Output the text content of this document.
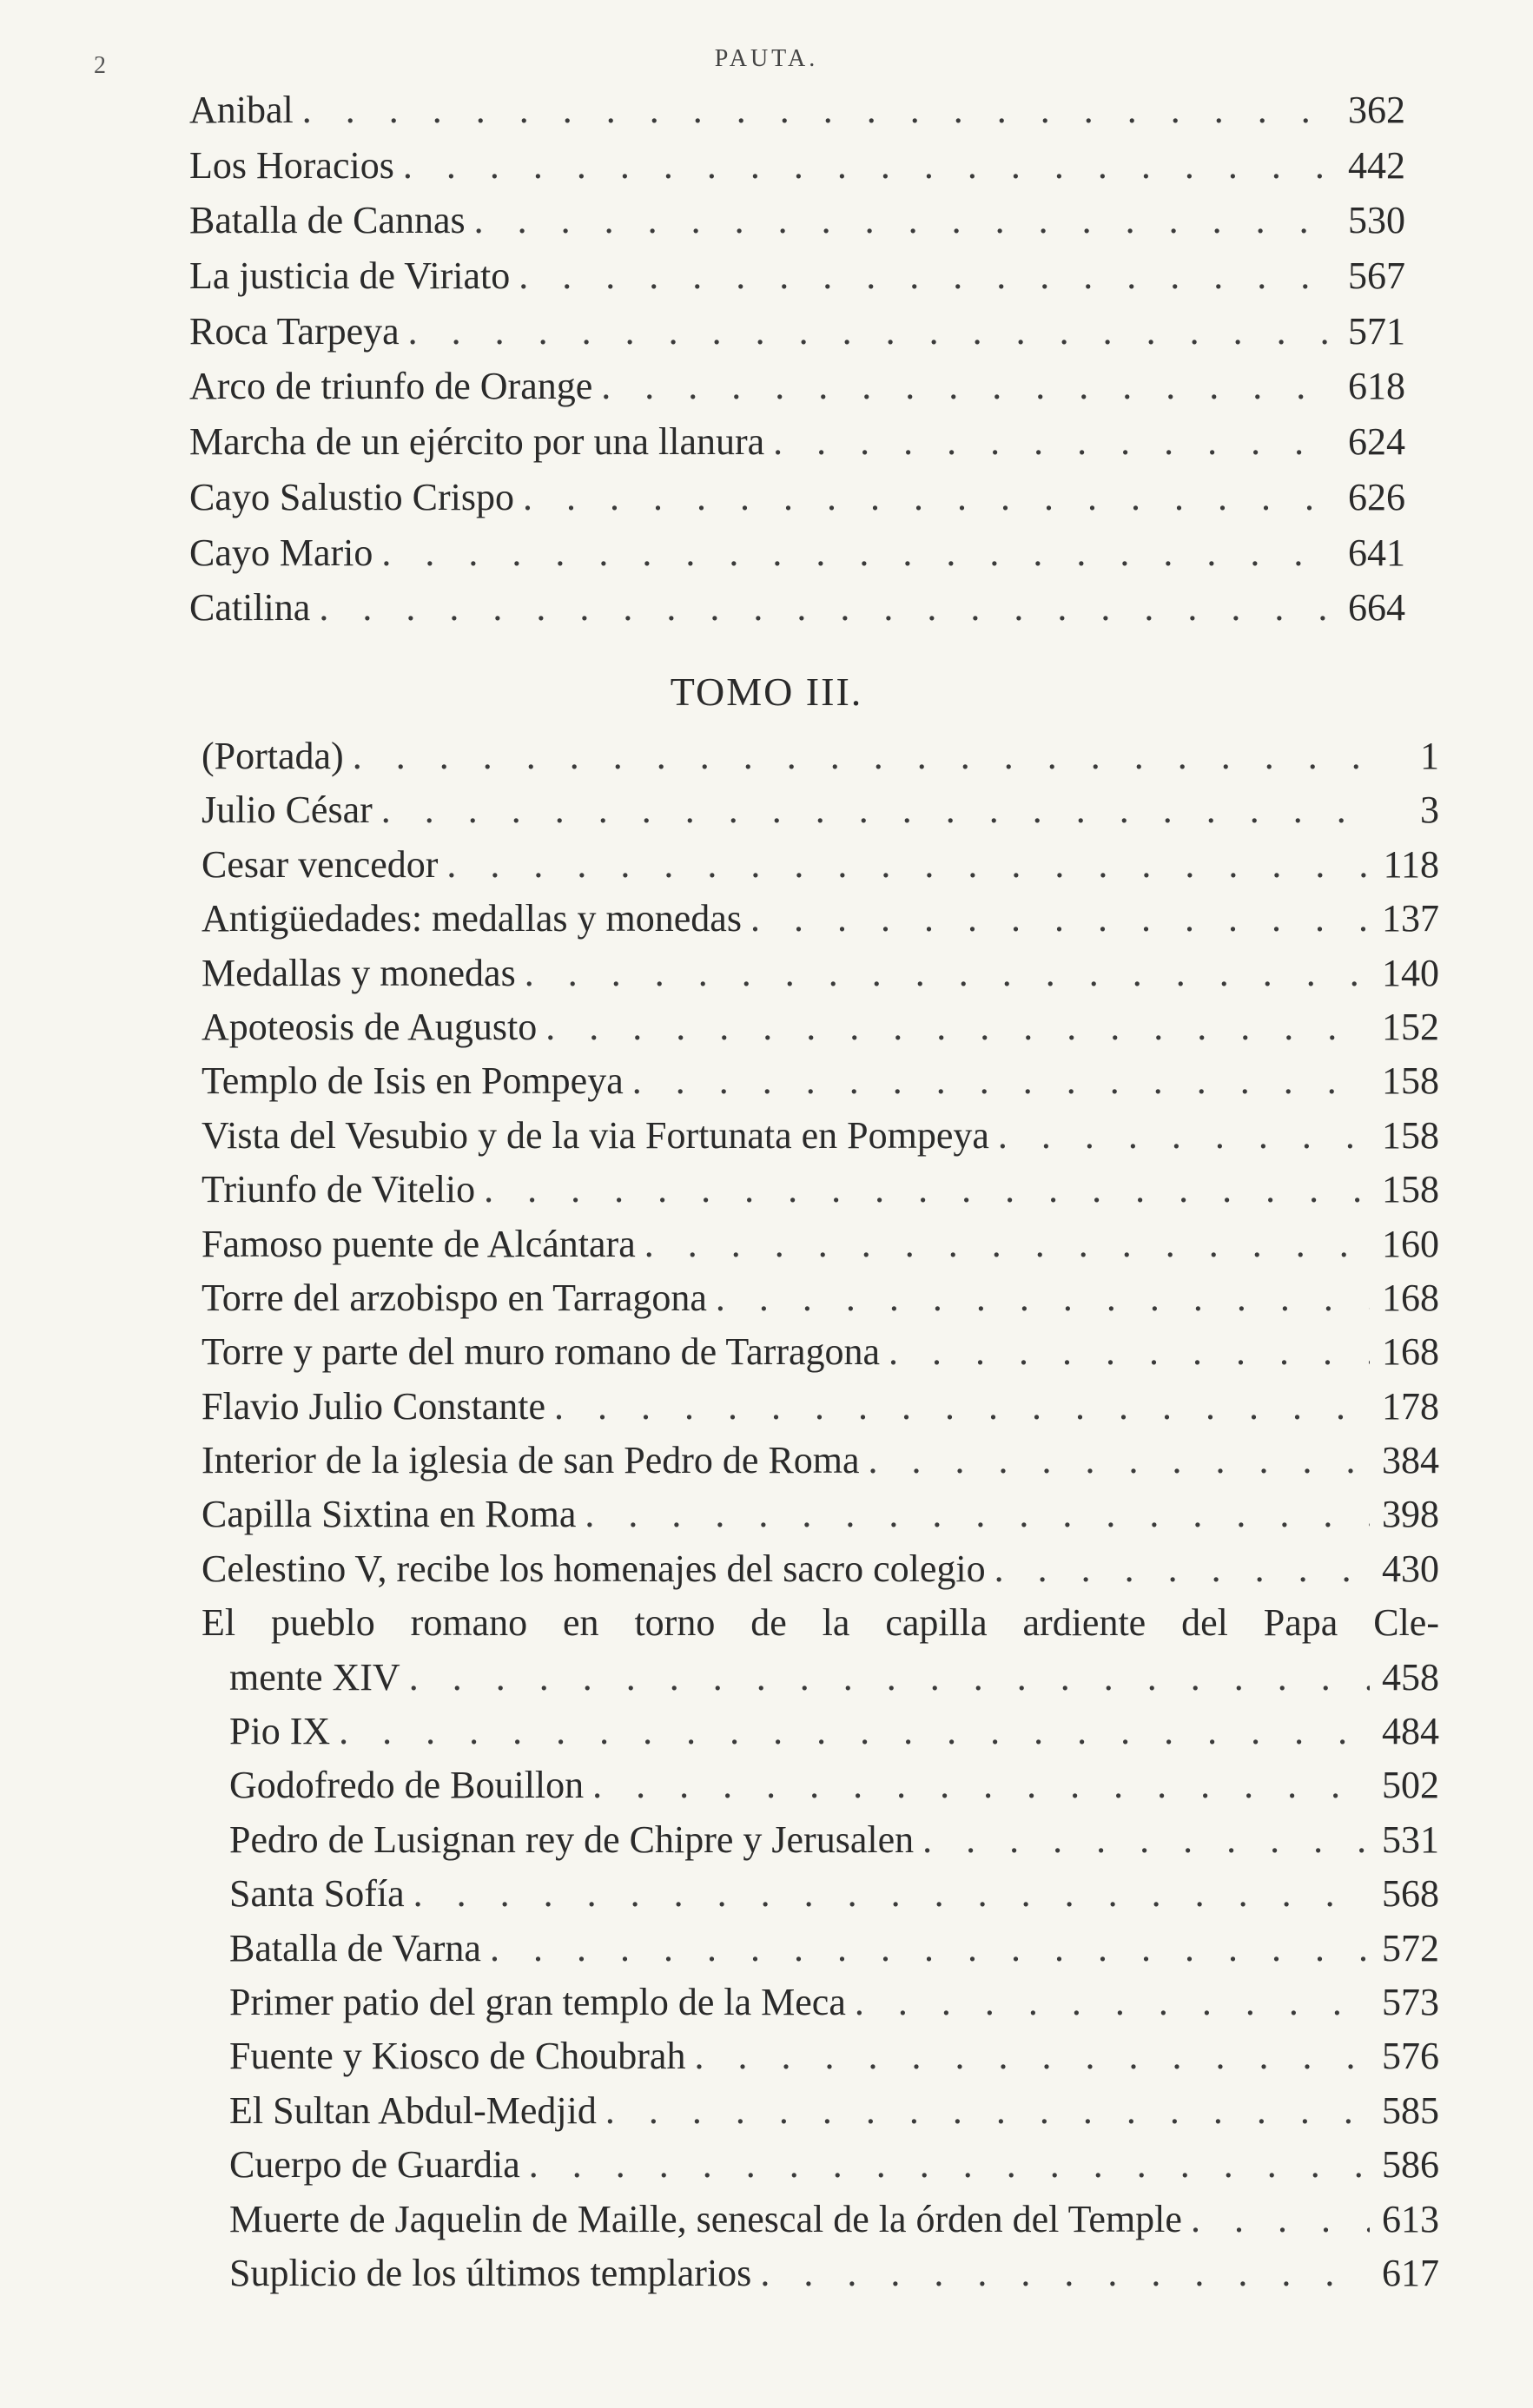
2	PAUTA.
Anibal . . .	362
Los Horacios . . .	442
Batalla de Cannas . . .	530
La justicia de Viriato . . .	567
Roca Tarpeya . . .	571
Arco de triunfo de Orange . . .	618
Marcha de un ejército por una llanura . . .	624
Cayo Salustio Crispo . . .	626
Cayo Mario . . .	641
Catilina . . .	664
TOMO III.
(Portada) . . .	1
Julio César . . .	3
Cesar vencedor . . .	118
Antigüedades: medallas y monedas . . .	137
Medallas y monedas . . .	140
Apoteosis de Augusto . . .	152
Templo de Isis en Pompeya . . .	158
Vista del Vesubio y de la via Fortunata en Pompeya . . .	158
Triunfo de Vitelio . . .	158
Famoso puente de Alcántara . . .	160
Torre del arzobispo en Tarragona . . .	168
Torre y parte del muro romano de Tarragona . . .	168
Flavio Julio Constante . . .	178
Interior de la iglesia de san Pedro de Roma . . .	384
Capilla Sixtina en Roma . . .	398
Celestino V, recibe los homenajes del sacro colegio . . .	430
El pueblo romano en torno de la capilla ardiente del Papa Cle-
mente XIV . . .	458
Pio IX . . .	484
Godofredo de Bouillon . . .	502
Pedro de Lusignan rey de Chipre y Jerusalen . . .	531
Santa Sofía . . .	568
Batalla de Varna . . .	572
Primer patio del gran templo de la Meca . . .	573
Fuente y Kiosco de Choubrah . . .	576
El Sultan Abdul-Medjid . . .	585
Cuerpo de Guardia . . .	586
Muerte de Jaquelin de Maille, senescal de la órden del Temple . . .	613
Suplicio de los últimos templarios . . .	617
